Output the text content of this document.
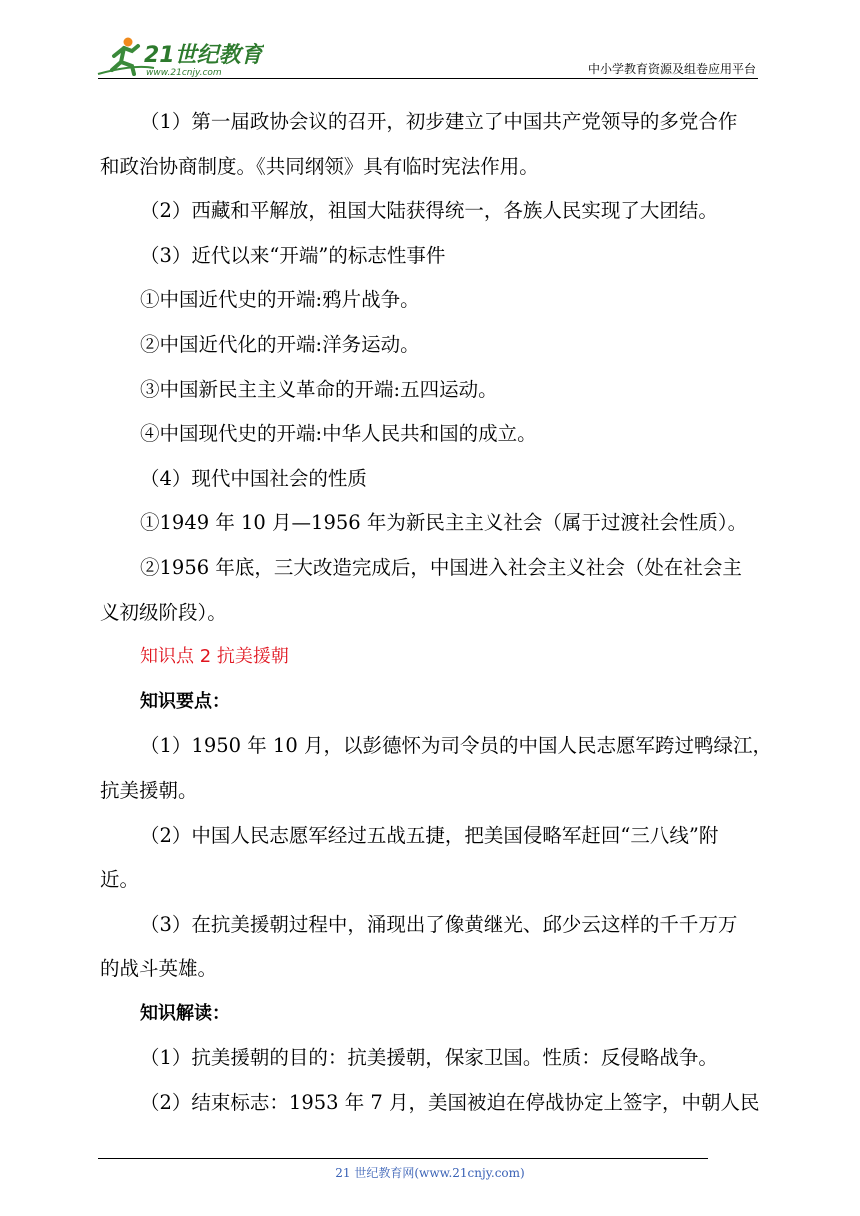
21世纪教育
www.21cnjy.com	中小学教育资源及组卷应用平台

（1）第一届政协会议的召开，初步建立了中国共产党领导的多党合作

和政治协商制度。《共同纲领》具有临时宪法作用。

（2）西藏和平解放，祖国大陆获得统一，各族人民实现了大团结。

（3）近代以来“开端”的标志性事件

①中国近代史的开端:鸦片战争。

②中国近代化的开端:洋务运动。

③中国新民主主义革命的开端:五四运动。

④中国现代史的开端:中华人民共和国的成立。

（4）现代中国社会的性质

①1949 年 10 月—1956 年为新民主主义社会（属于过渡社会性质）。

②1956 年底，三大改造完成后，中国进入社会主义社会（处在社会主

义初级阶段）。

知识点 2 抗美援朝

知识要点：

（1）1950 年 10 月，以彭德怀为司令员的中国人民志愿军跨过鸭绿江，

抗美援朝。

（2）中国人民志愿军经过五战五捷，把美国侵略军赶回“三八线”附

近。

（3）在抗美援朝过程中，涌现出了像黄继光、邱少云这样的千千万万

的战斗英雄。

知识解读：

（1）抗美援朝的目的：抗美援朝，保家卫国。性质：反侵略战争。

（2）结束标志：1953 年 7 月，美国被迫在停战协定上签字，中朝人民

21 世纪教育网(www.21cnjy.com)
